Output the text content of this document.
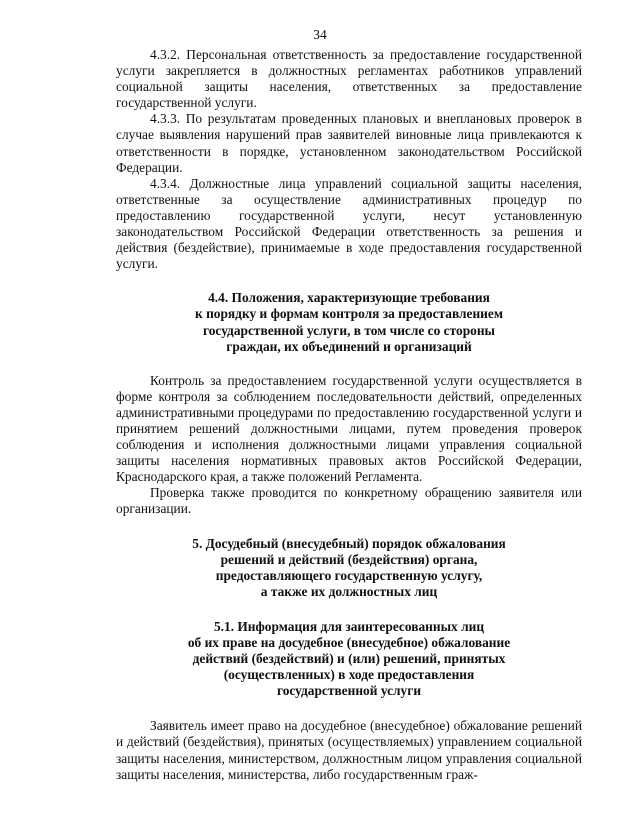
34

4.3.2. Персональная ответственность за предоставление государственной услуги закрепляется в должностных регламентах работников управлений социальной защиты населения, ответственных за предоставление государственной услуги.

4.3.3. По результатам проведенных плановых и внеплановых проверок в случае выявления нарушений прав заявителей виновные лица привлекаются к ответственности в порядке, установленном законодательством Российской Федерации.

4.3.4. Должностные лица управлений социальной защиты населения, ответственные за осуществление административных процедур по предоставлению государственной услуги, несут установленную законодательством Российской Федерации ответственность за решения и действия (бездействие), принимаемые в ходе предоставления государственной услуги.

4.4. Положения, характеризующие требования
к порядку и формам контроля за предоставлением
государственной услуги, в том числе со стороны
граждан, их объединений и организаций

Контроль за предоставлением государственной услуги осуществляется в форме контроля за соблюдением последовательности действий, определенных административными процедурами по предоставлению государственной услуги и принятием решений должностными лицами, путем проведения проверок соблюдения и исполнения должностными лицами управления социальной защиты населения нормативных правовых актов Российской Федерации, Краснодарского края, а также положений Регламента.

Проверка также проводится по конкретному обращению заявителя или организации.

5. Досудебный (внесудебный) порядок обжалования
решений и действий (бездействия) органа,
предоставляющего государственную услугу,
а также их должностных лиц
5.1. Информация для заинтересованных лиц
об их праве на досудебное (внесудебное) обжалование
действий (бездействий) и (или) решений, принятых
(осуществленных) в ходе предоставления
государственной услуги

Заявитель имеет право на досудебное (внесудебное) обжалование решений и действий (бездействия), принятых (осуществляемых) управлением социальной защиты населения, министерством, должностным лицом управления социальной защиты населения, министерства, либо государственным граж-
